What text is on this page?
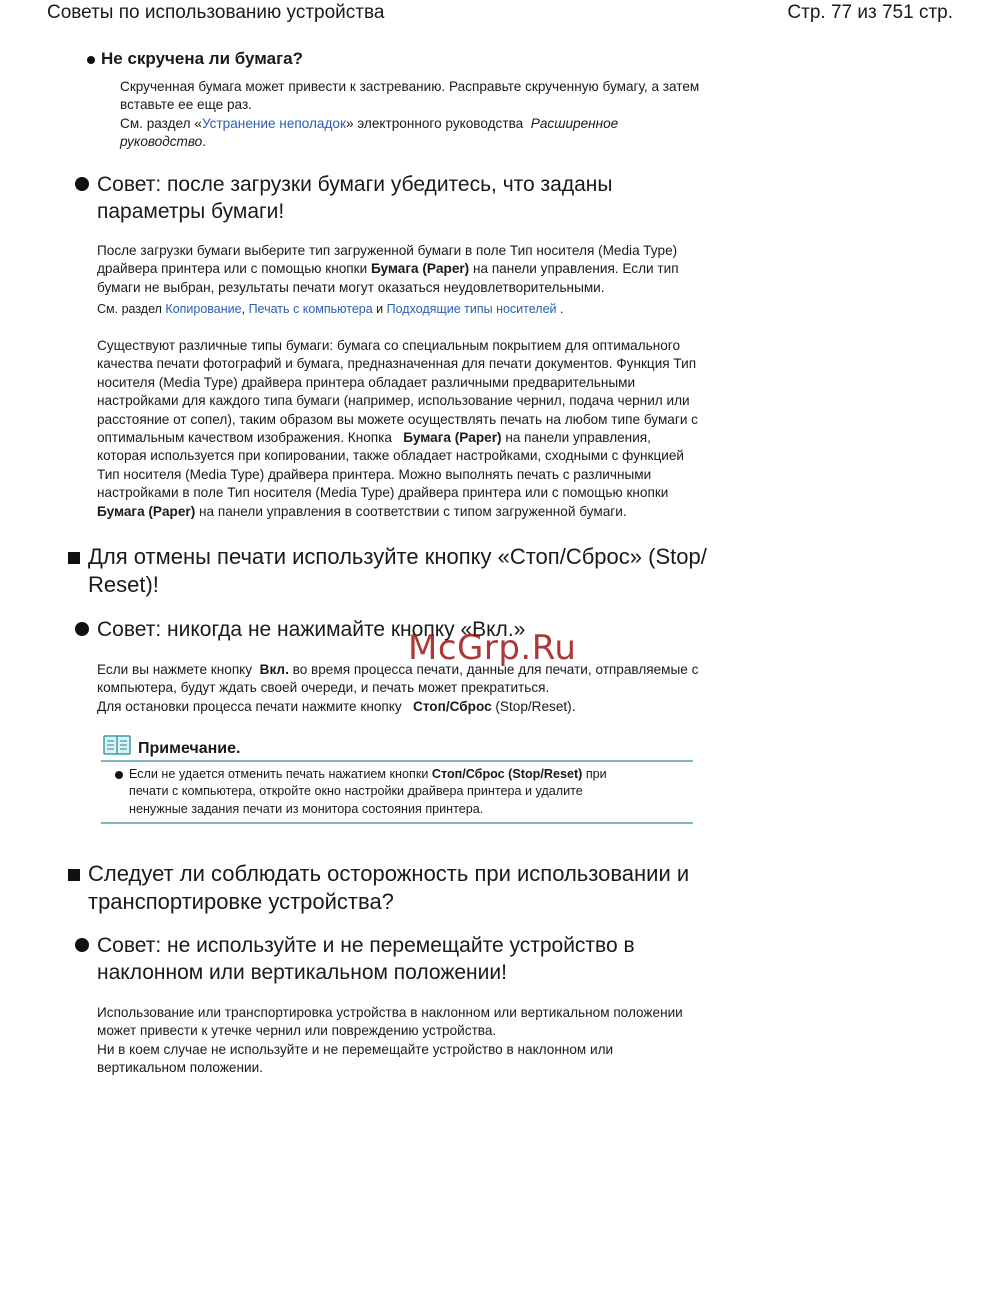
Советы по использованию устройства	Стр. 77 из 751 стр.
Не скручена ли бумага?
Скрученная бумага может привести к застреванию. Расправьте скрученную бумагу, а затем
вставьте ее еще раз.
См. раздел «Устранение неполадок» электронного руководства Расширенное
руководство.
Совет: после загрузки бумаги убедитесь, что заданы
параметры бумаги!
После загрузки бумаги выберите тип загруженной бумаги в поле Тип носителя (Media Type)
драйвера принтера или с помощью кнопки Бумага (Paper) на панели управления. Если тип
бумаги не выбран, результаты печати могут оказаться неудовлетворительными.
См. раздел Копирование, Печать с компьютера и Подходящие типы носителей .
Существуют различные типы бумаги: бумага со специальным покрытием для оптимального
качества печати фотографий и бумага, предназначенная для печати документов. Функция Тип
носителя (Media Type) драйвера принтера обладает различными предварительными
настройками для каждого типа бумаги (например, использование чернил, подача чернил или
расстояние от сопел), таким образом вы можете осуществлять печать на любом типе бумаги с
оптимальным качеством изображения. Кнопка   Бумага (Paper) на панели управления,
которая используется при копировании, также обладает настройками, сходными с функцией
Тип носителя (Media Type) драйвера принтера. Можно выполнять печать с различными
настройками в поле Тип носителя (Media Type) драйвера принтера или с помощью кнопки
Бумага (Paper) на панели управления в соответствии с типом загруженной бумаги.
Для отмены печати используйте кнопку «Стоп/Сброс» (Stop/
Reset)!
Совет: никогда не нажимайте кнопку «Вкл.»
Если вы нажмете кнопку  Вкл. во время процесса печати, данные для печати, отправляемые с
компьютера, будут ждать своей очереди, и печать может прекратиться.
Для остановки процесса печати нажмите кнопку   Стоп/Сброс (Stop/Reset).
Примечание.
Если не удается отменить печать нажатием кнопки Стоп/Сброс (Stop/Reset) при
печати с компьютера, откройте окно настройки драйвера принтера и удалите
ненужные задания печати из монитора состояния принтера.
Следует ли соблюдать осторожность при использовании и
транспортировке устройства?
Совет: не используйте и не перемещайте устройство в
наклонном или вертикальном положении!
Использование или транспортировка устройства в наклонном или вертикальном положении
может привести к утечке чернил или повреждению устройства.
Ни в коем случае не используйте и не перемещайте устройство в наклонном или
вертикальном положении.
McGrp.Ru
